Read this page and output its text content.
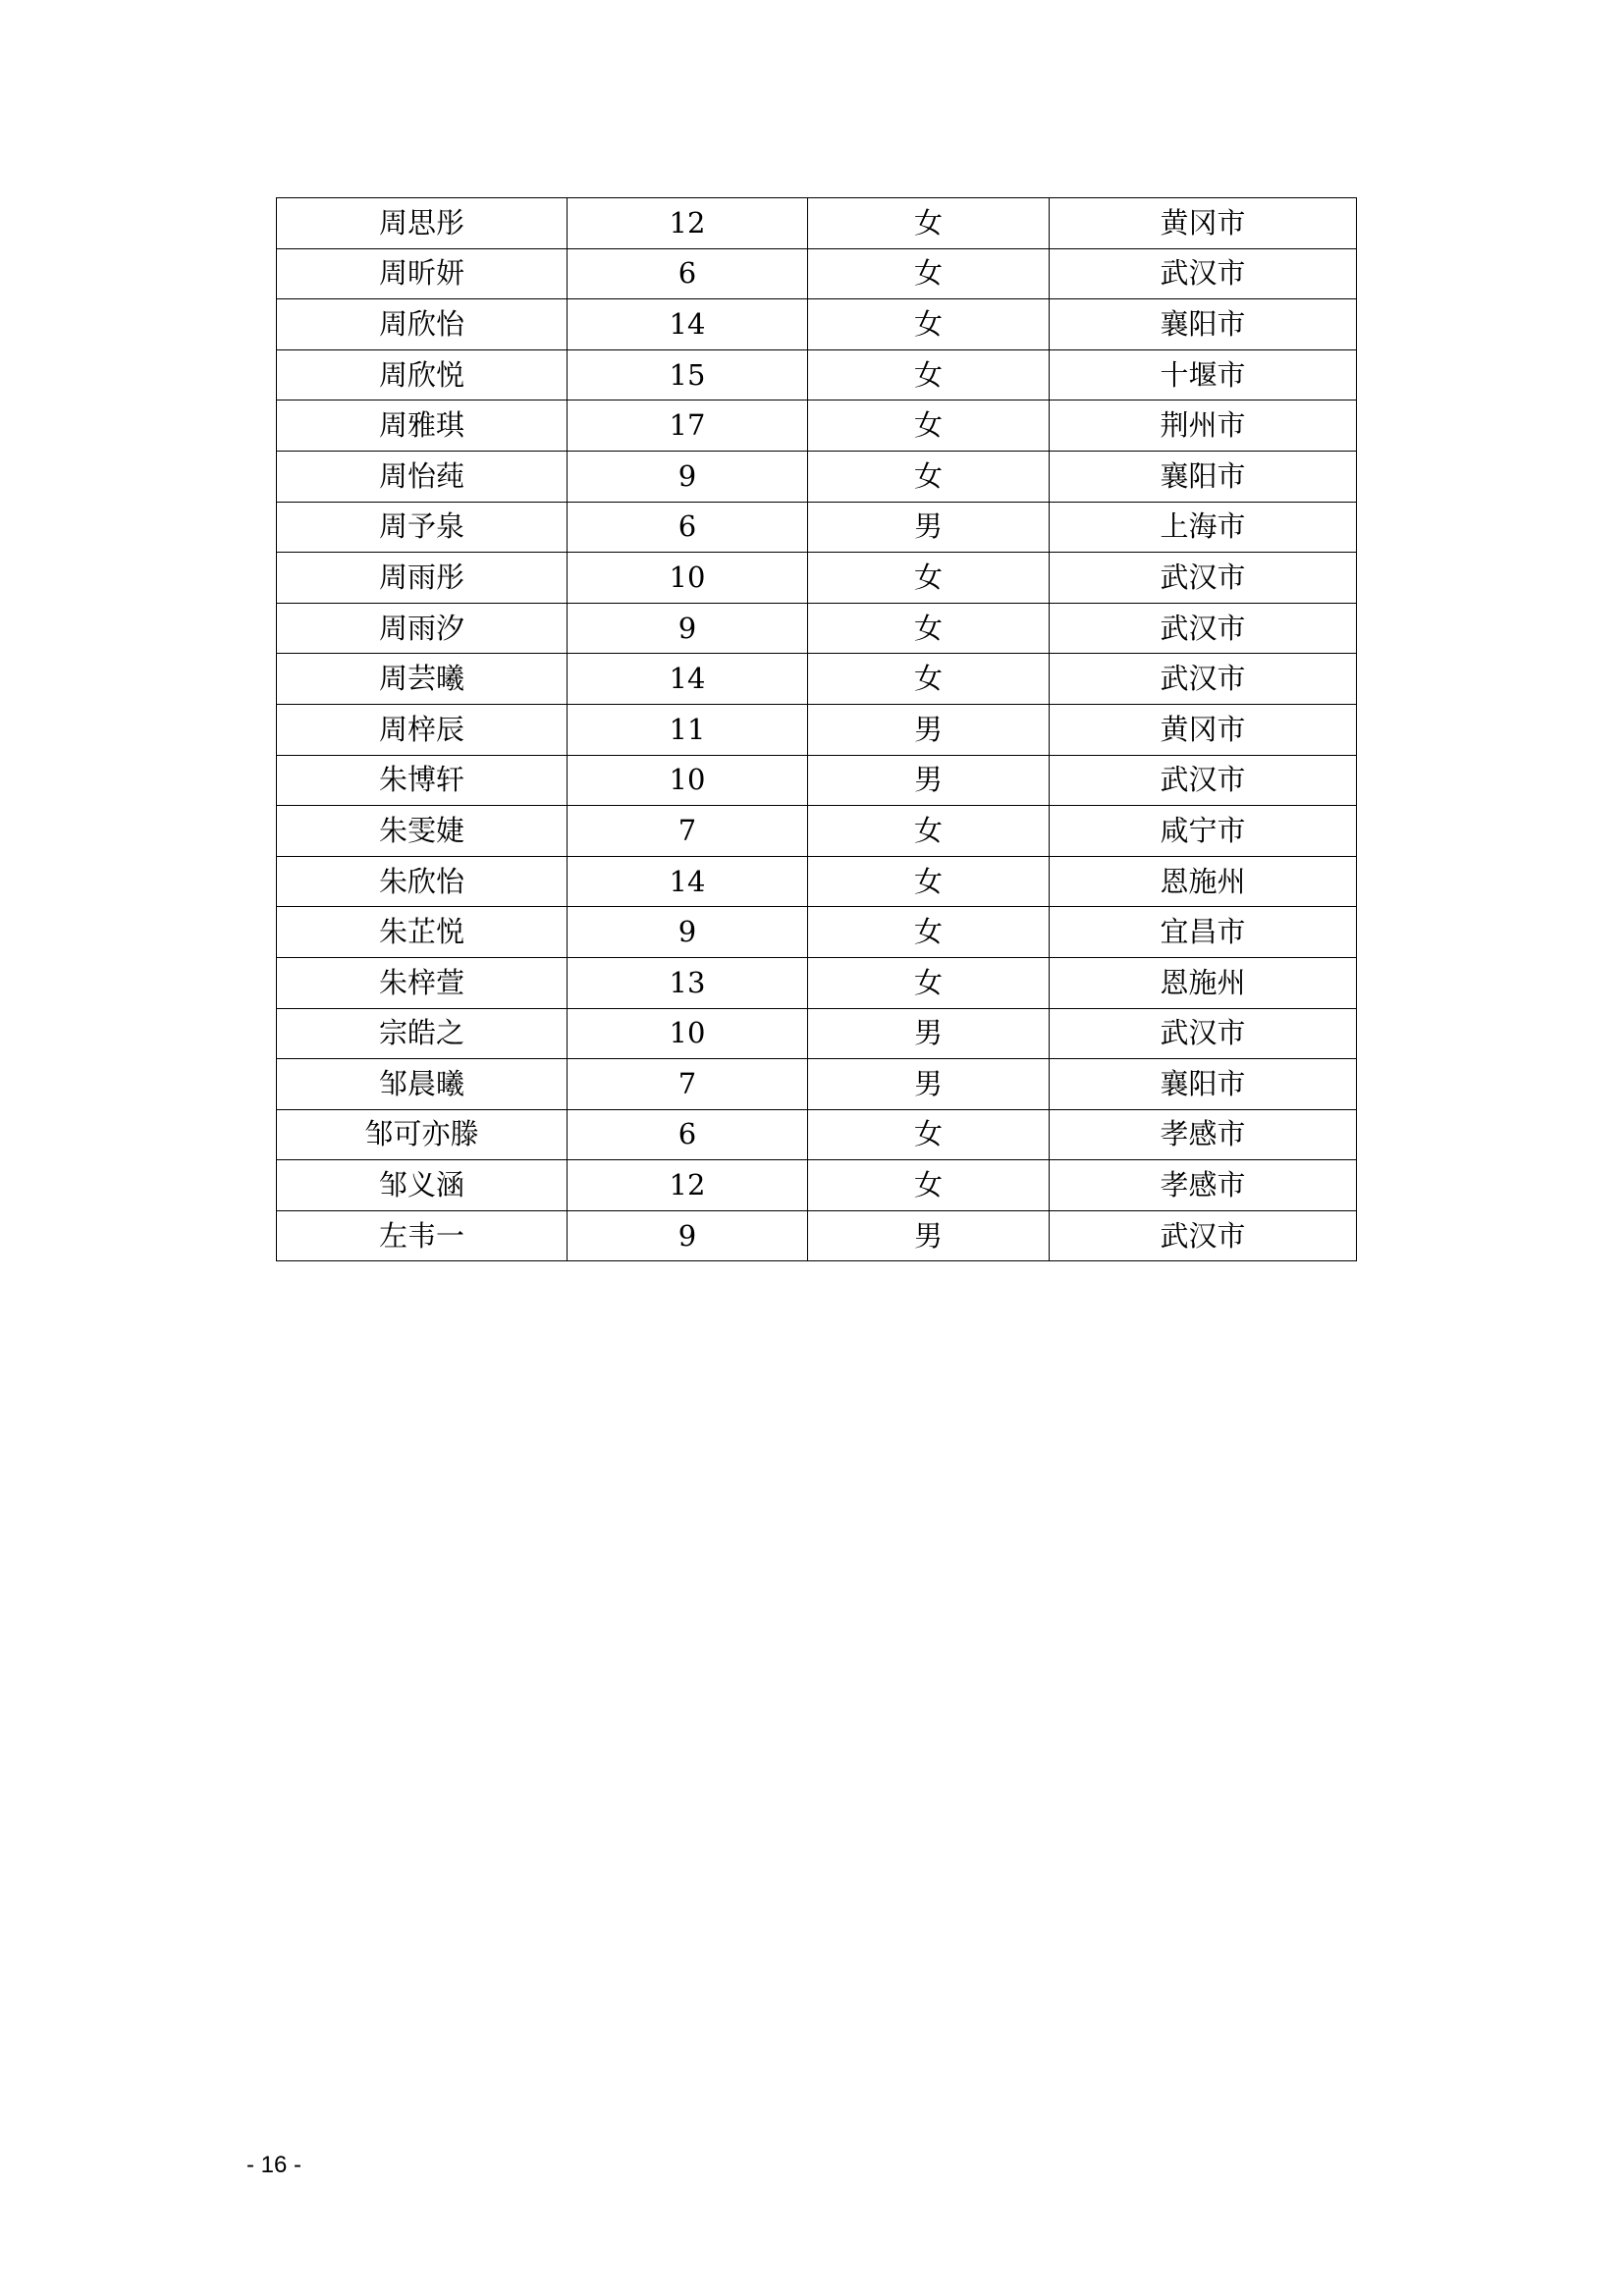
周思彤	12	女	黄冈市
周昕妍	6	女	武汉市
周欣怡	14	女	襄阳市
周欣悦	15	女	十堰市
周雅琪	17	女	荆州市
周怡莼	9	女	襄阳市
周予泉	6	男	上海市
周雨彤	10	女	武汉市
周雨汐	9	女	武汉市
周芸曦	14	女	武汉市
周梓辰	11	男	黄冈市
朱博轩	10	男	武汉市
朱雯婕	7	女	咸宁市
朱欣怡	14	女	恩施州
朱芷悦	9	女	宜昌市
朱梓萱	13	女	恩施州
宗皓之	10	男	武汉市
邹晨曦	7	男	襄阳市
邹可亦滕	6	女	孝感市
邹义涵	12	女	孝感市
左韦一	9	男	武汉市
- 16 -
